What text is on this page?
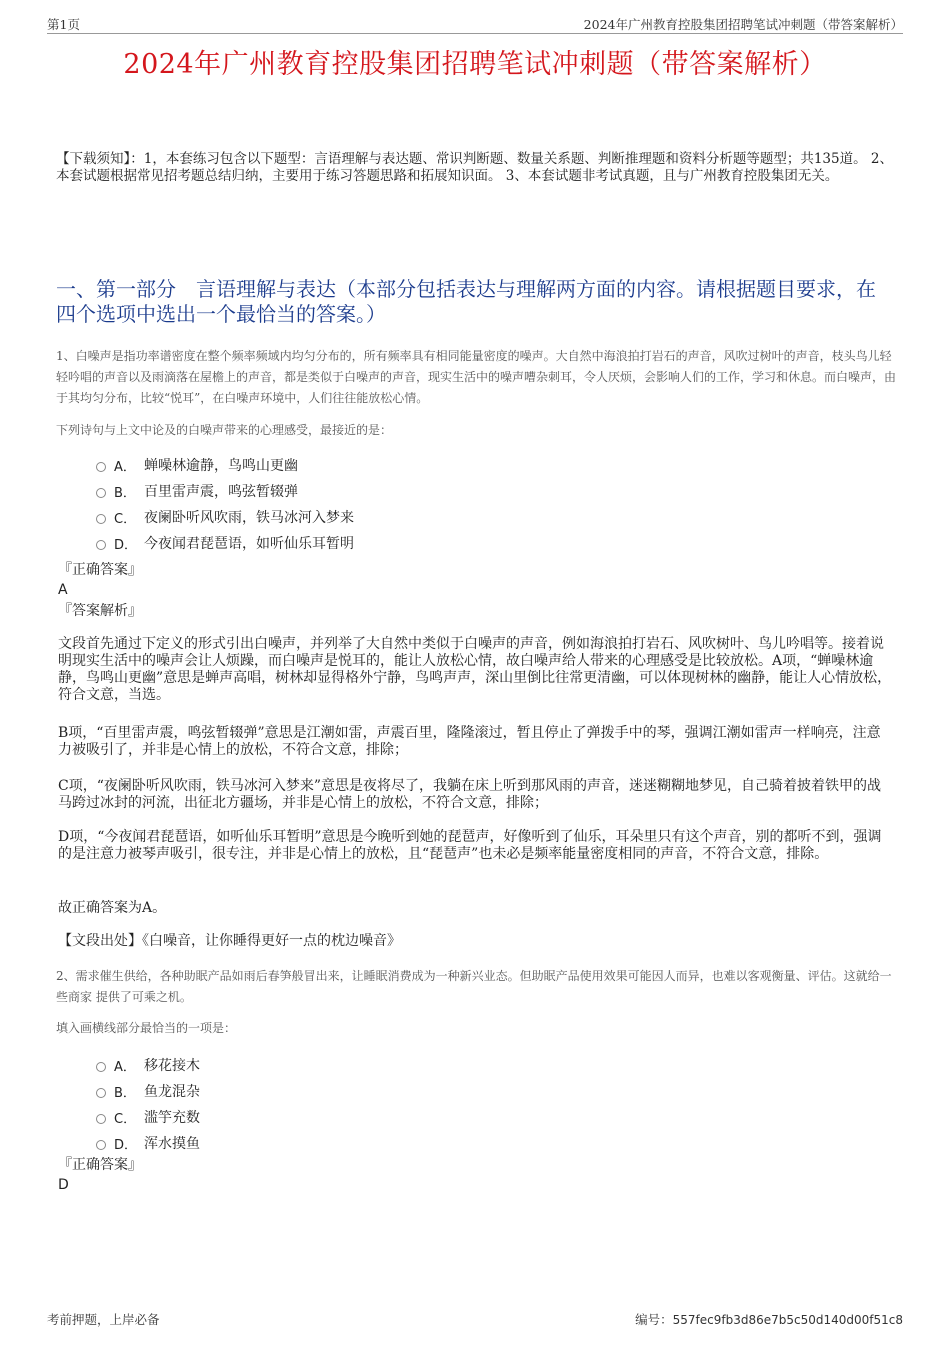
第1页	2024年广州教育控股集团招聘笔试冲刺题（带答案解析）
2024年广州教育控股集团招聘笔试冲刺题（带答案解析）
【下载须知】：1，本套练习包含以下题型：言语理解与表达题、常识判断题、数量关系题、判断推理题和资料分析题等题型；共135道。 2、本套试题根据常见招考题总结归纳，主要用于练习答题思路和拓展知识面。 3、本套试题非考试真题，且与广州教育控股集团无关。
一、第一部分　言语理解与表达（本部分包括表达与理解两方面的内容。请根据题目要求，在四个选项中选出一个最恰当的答案。）
1、白噪声是指功率谱密度在整个频率频域内均匀分布的，所有频率具有相同能量密度的噪声。大自然中海浪拍打岩石的声音，风吹过树叶的声音，枝头鸟儿轻轻吟唱的声音以及雨滴落在屋檐上的声音，都是类似于白噪声的声音，现实生活中的噪声嘈杂刺耳，令人厌烦，会影响人们的工作，学习和休息。而白噪声，由于其均匀分布，比较“悦耳”，在白噪声环境中，人们往往能放松心情。
下列诗句与上文中论及的白噪声带来的心理感受，最接近的是：
A． 蝉噪林逾静，鸟鸣山更幽
B． 百里雷声震，鸣弦暂辍弹
C． 夜阑卧听风吹雨，铁马冰河入梦来
D． 今夜闻君琵琶语，如听仙乐耳暂明
『正确答案』
A
『答案解析』
文段首先通过下定义的形式引出白噪声，并列举了大自然中类似于白噪声的声音，例如海浪拍打岩石、风吹树叶、鸟儿吟唱等。接着说明现实生活中的噪声会让人烦躁，而白噪声是悦耳的，能让人放松心情，故白噪声给人带来的心理感受是比较放松。A项，“蝉噪林逾静，鸟鸣山更幽”意思是蝉声高唱，树林却显得格外宁静，鸟鸣声声，深山里倒比往常更清幽，可以体现树林的幽静，能让人心情放松，符合文意，当选。
B项，“百里雷声震，鸣弦暂辍弹”意思是江潮如雷，声震百里，隆隆滚过，暂且停止了弹拨手中的琴，强调江潮如雷声一样响亮，注意力被吸引了，并非是心情上的放松，不符合文意，排除；
C项，“夜阑卧听风吹雨，铁马冰河入梦来”意思是夜将尽了，我躺在床上听到那风雨的声音，迷迷糊糊地梦见，自己骑着披着铁甲的战马跨过冰封的河流，出征北方疆场，并非是心情上的放松，不符合文意，排除；
D项，“今夜闻君琵琶语，如听仙乐耳暂明”意思是今晚听到她的琵琶声，好像听到了仙乐，耳朵里只有这个声音，别的都听不到，强调的是注意力被琴声吸引，很专注，并非是心情上的放松，且“琵琶声”也未必是频率能量密度相同的声音，不符合文意，排除。
故正确答案为A。
【文段出处】《白噪音，让你睡得更好一点的枕边噪音》
2、需求催生供给，各种助眠产品如雨后春笋般冒出来，让睡眠消费成为一种新兴业态。但助眠产品使用效果可能因人而异，也难以客观衡量、评估。这就给一些商家 提供了可乘之机。
填入画横线部分最恰当的一项是：
A． 移花接木
B． 鱼龙混杂
C． 滥竽充数
D． 浑水摸鱼
『正确答案』
D
考前押题，上岸必备	编号：557fec9fb3d86e7b5c50d140d00f51c8
